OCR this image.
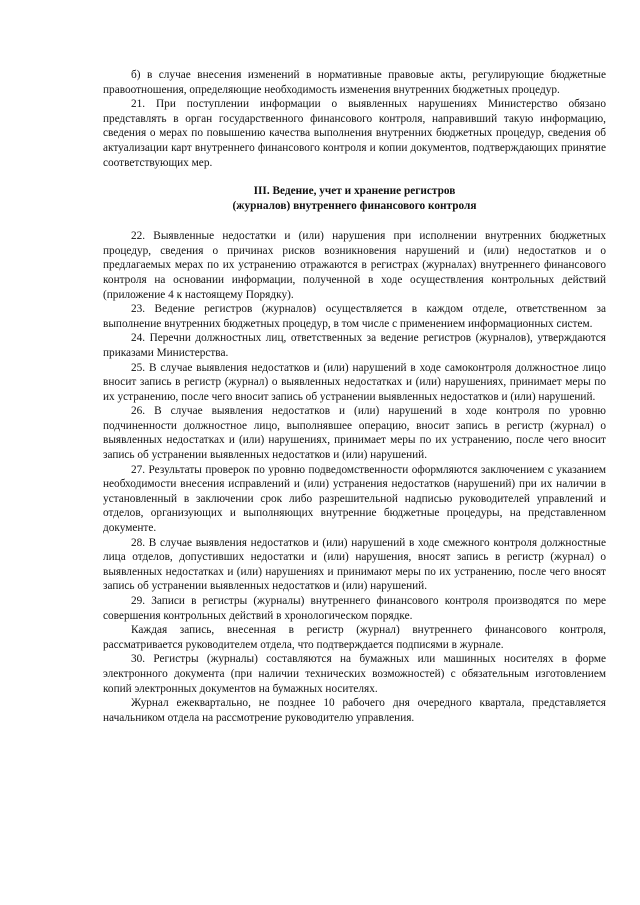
б) в случае внесения изменений в нормативные правовые акты, регулирующие бюджетные правоотношения, определяющие необходимость изменения внутренних бюджетных процедур.

21. При поступлении информации о выявленных нарушениях Министерство обязано представлять в орган государственного финансового контроля, направивший такую информацию, сведения о мерах по повышению качества выполнения внутренних бюджетных процедур, сведения об актуализации карт внутреннего финансового контроля и копии документов, подтверждающих принятие соответствующих мер.

III. Ведение, учет и хранение регистров
(журналов) внутреннего финансового контроля

22. Выявленные недостатки и (или) нарушения при исполнении внутренних бюджетных процедур, сведения о причинах рисков возникновения нарушений и (или) недостатков и о предлагаемых мерах по их устранению отражаются в регистрах (журналах) внутреннего финансового контроля на основании информации, полученной в ходе осуществления контрольных действий (приложение 4 к настоящему Порядку).

23. Ведение регистров (журналов) осуществляется в каждом отделе, ответственном за выполнение внутренних бюджетных процедур, в том числе с применением информационных систем.

24. Перечни должностных лиц, ответственных за ведение регистров (журналов), утверждаются приказами Министерства.

25. В случае выявления недостатков и (или) нарушений в ходе самоконтроля должностное лицо вносит запись в регистр (журнал) о выявленных недостатках и (или) нарушениях, принимает меры по их устранению, после чего вносит запись об устранении выявленных недостатков и (или) нарушений.

26. В случае выявления недостатков и (или) нарушений в ходе контроля по уровню подчиненности должностное лицо, выполнявшее операцию, вносит запись в регистр (журнал) о выявленных недостатках и (или) нарушениях, принимает меры по их устранению, после чего вносит запись об устранении выявленных недостатков и (или) нарушений.

27. Результаты проверок по уровню подведомственности оформляются заключением с указанием необходимости внесения исправлений и (или) устранения недостатков (нарушений) при их наличии в установленный в заключении срок либо разрешительной надписью руководителей управлений и отделов, организующих и выполняющих внутренние бюджетные процедуры, на представленном документе.

28. В случае выявления недостатков и (или) нарушений в ходе смежного контроля должностные лица отделов, допустивших недостатки и (или) нарушения, вносят запись в регистр (журнал) о выявленных недостатках и (или) нарушениях и принимают меры по их устранению, после чего вносят запись об устранении выявленных недостатков и (или) нарушений.

29. Записи в регистры (журналы) внутреннего финансового контроля производятся по мере совершения контрольных действий в хронологическом порядке.

Каждая запись, внесенная в регистр (журнал) внутреннего финансового контроля, рассматривается руководителем отдела, что подтверждается подписями в журнале.

30. Регистры (журналы) составляются на бумажных или машинных носителях в форме электронного документа (при наличии технических возможностей) с обязательным изготовлением копий электронных документов на бумажных носителях.

Журнал ежеквартально, не позднее 10 рабочего дня очередного квартала, представляется начальником отдела на рассмотрение руководителю управления.
